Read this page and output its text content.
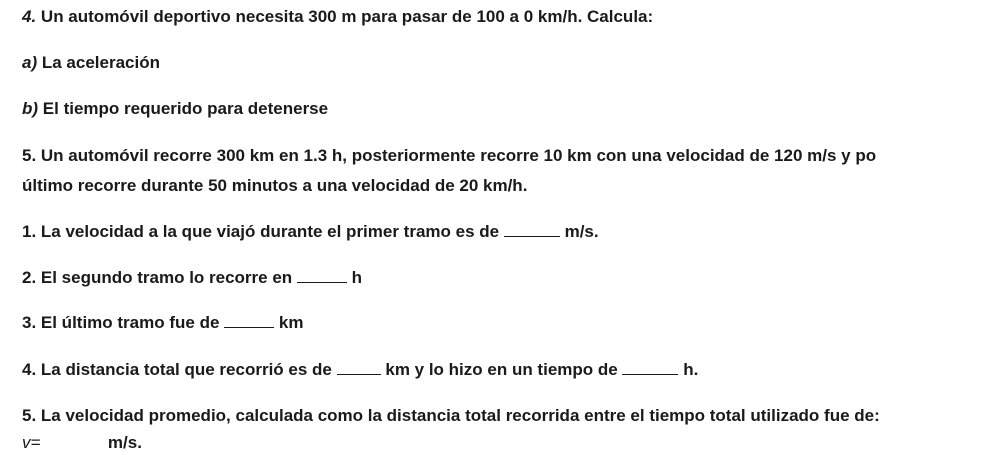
4. Un automóvil deportivo necesita 300 m para pasar de 100 a 0 km/h. Calcula:
a) La aceleración
b) El tiempo requerido para detenerse
5. Un automóvil recorre 300 km en 1.3 h, posteriormente recorre 10 km con una velocidad de 120 m/s y po
último recorre durante 50 minutos a una velocidad de 20 km/h.
1. La velocidad a la que viajó durante el primer tramo es de	m/s.
2. El segundo tramo lo recorre en	h
3. El último tramo fue de	km
4. La distancia total que recorrió es de	km y lo hizo en un tiempo de	h.
5. La velocidad promedio, calculada como la distancia total recorrida entre el tiempo total utilizado fue de:
v=	m/s.
